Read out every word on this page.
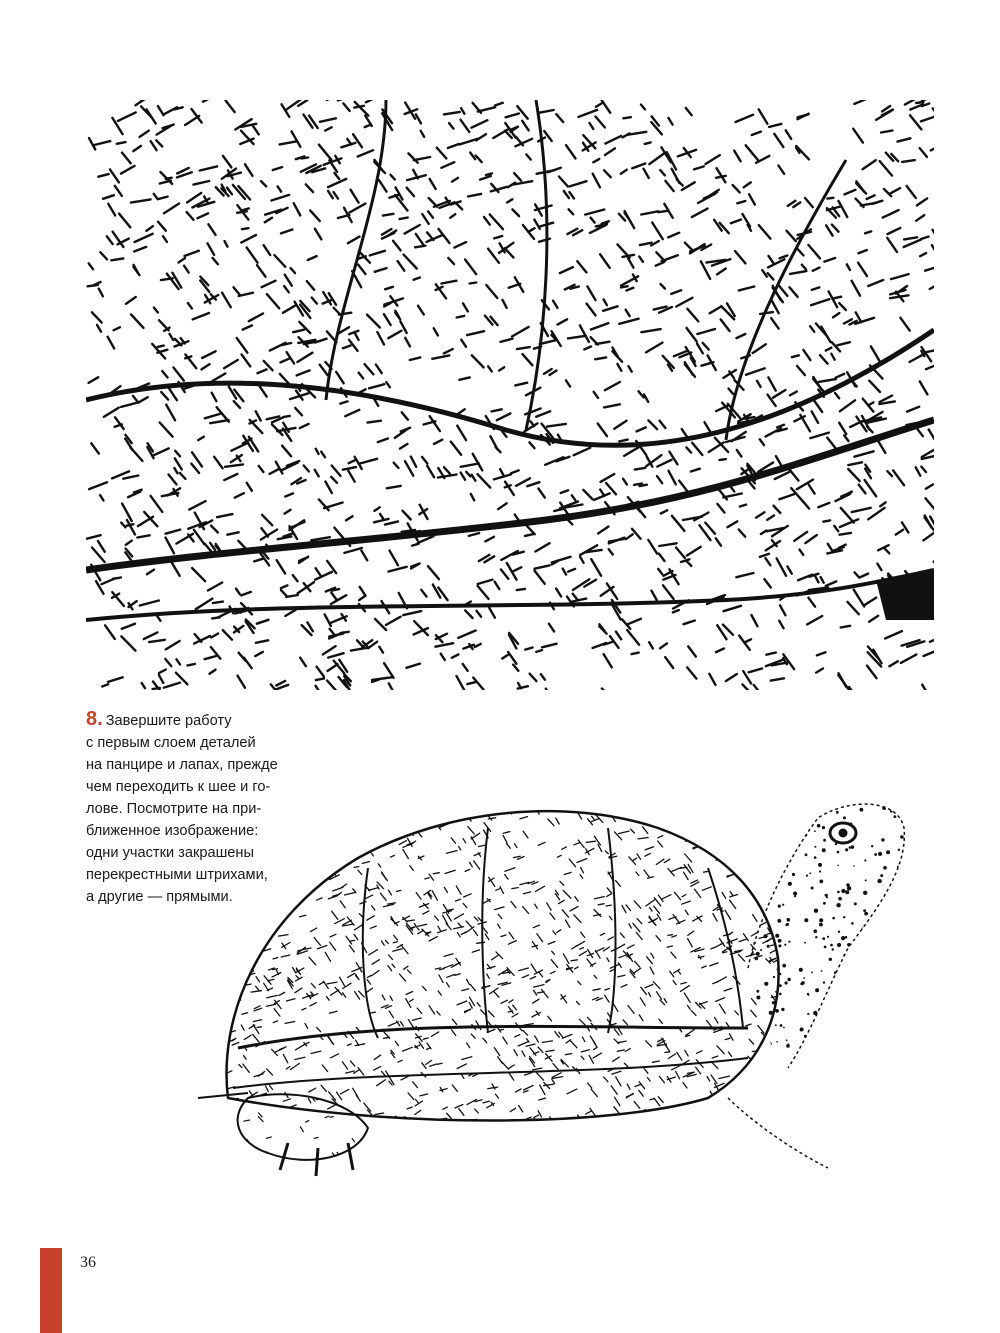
8. Завершите работу
с первым слоем деталей
на панцире и лапах, прежде
чем переходить к шее и го-
лове. Посмотрите на при-
ближенное изображение:
одни участки закрашены
перекрестными штрихами,
а другие — прямыми.
36
